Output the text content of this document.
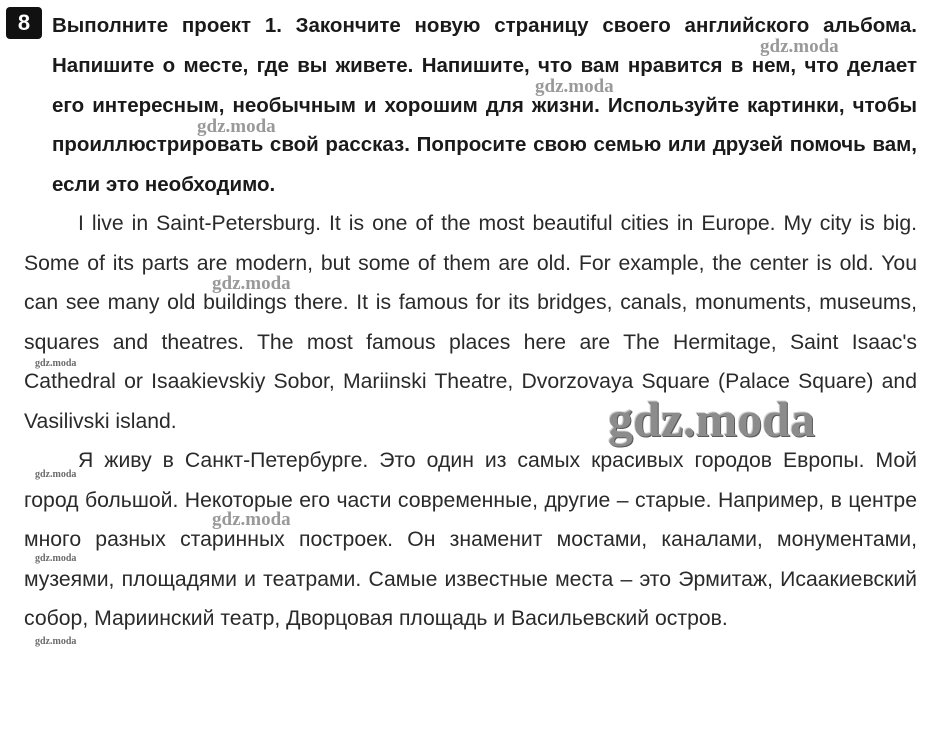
8	Выполните проект 1. Закончите новую страницу своего английского альбома. Напишите о месте, где вы живете. Напишите, что вам нравится в нем, что делает его интересным, необычным и хорошим для жизни. Используйте картинки, чтобы проиллюстрировать свой рассказ. Попросите свою семью или друзей помочь вам, если это необходимо.
I live in Saint-Petersburg. It is one of the most beautiful cities in Europe. My city is big. Some of its parts are modern, but some of them are old. For example, the center is old. You can see many old buildings there. It is famous for its bridges, canals, monuments, museums, squares and theatres. The most famous places here are The Hermitage, Saint Isaac's Cathedral or Isaakievskiy Sobor, Mariinski Theatre, Dvorzovaya Square (Palace Square) and Vasilivski island.
Я живу в Санкт-Петербурге. Это один из самых красивых городов Европы. Мой город большой. Некоторые его части современные, другие – старые. Например, в центре много разных старинных построек. Он знаменит мостами, каналами, монументами, музеями, площадями и театрами. Самые известные места – это Эрмитаж, Исаакиевский собор, Мариинский театр, Дворцовая площадь и Васильевский остров.
gdz.moda
gdz.moda
gdz.moda
gdz.moda
gdz.moda
gdz.moda
gdz.moda
gdz.moda
gdz.moda
gdz.moda
